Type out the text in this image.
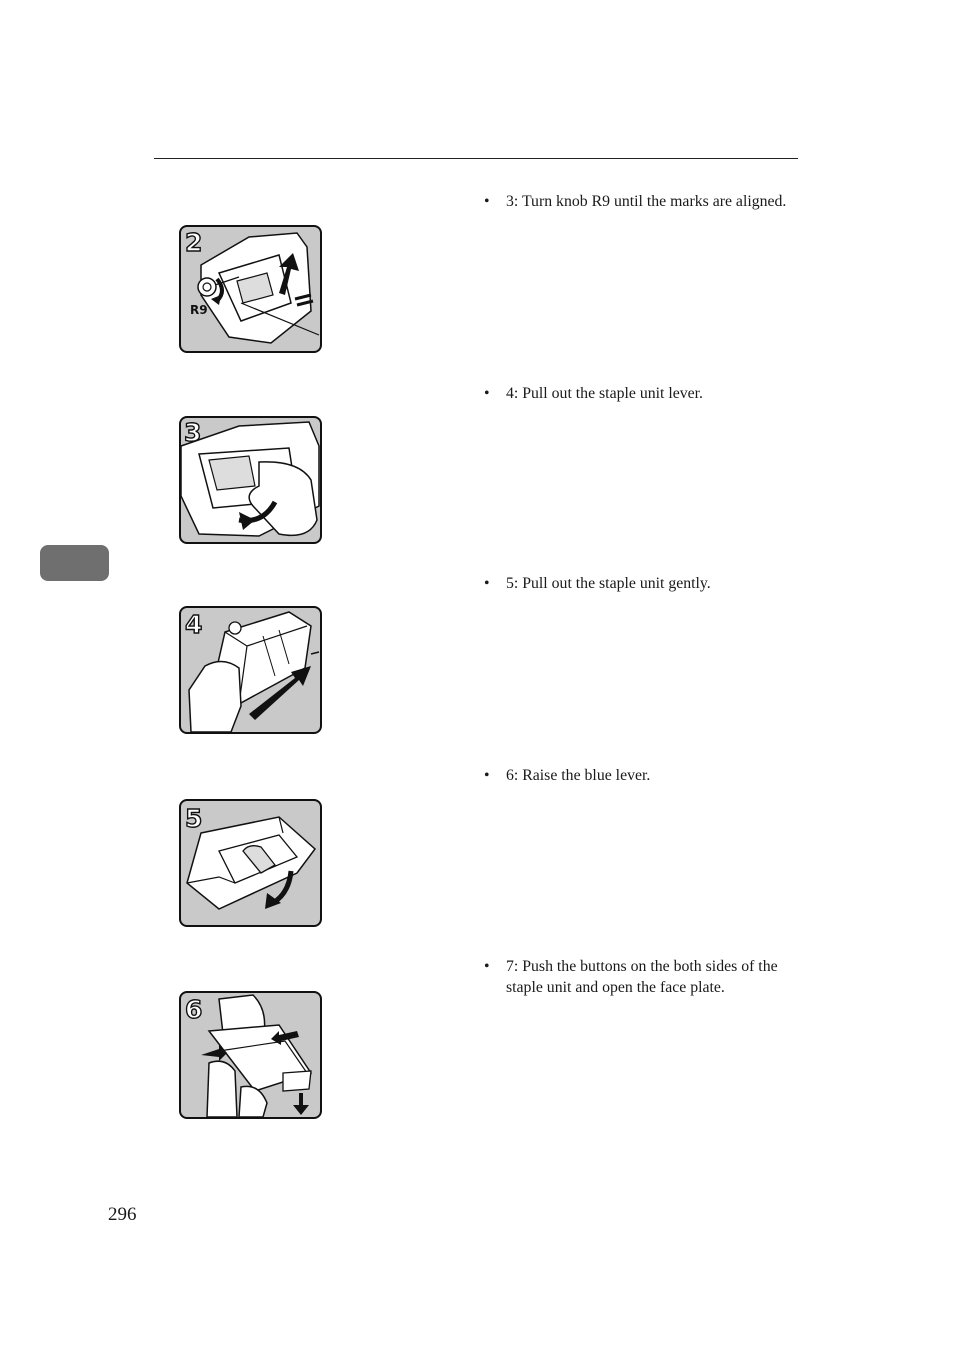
2
R9
3
4
5
6
• 3: Turn knob R9 until the marks are aligned.
• 4: Pull out the staple unit lever.
• 5: Pull out the staple unit gently.
• 6: Raise the blue lever.
• 7: Push the buttons on the both sides of the staple unit and open the face plate.
296
